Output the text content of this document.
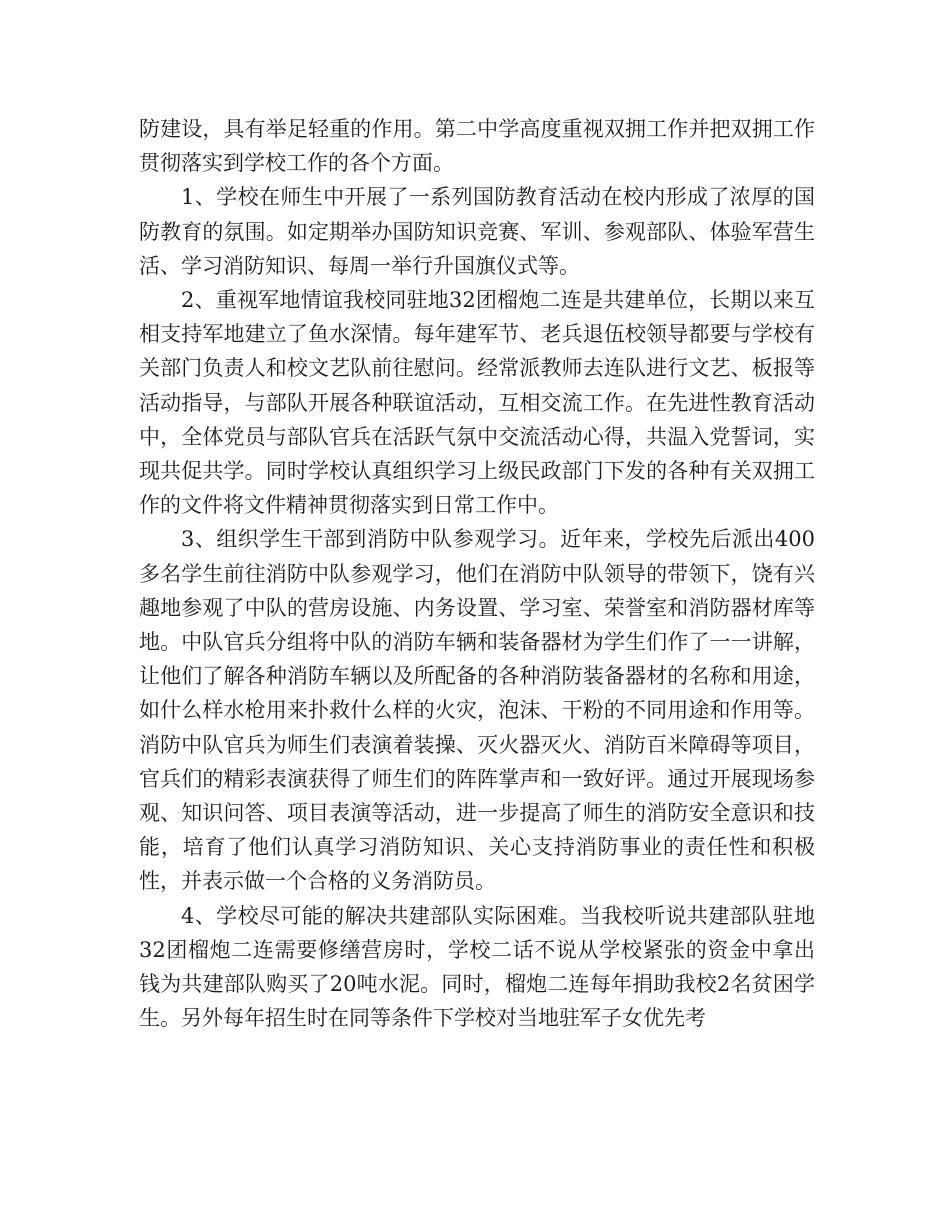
防建设，具有举足轻重的作用。第二中学高度重视双拥工作并把双拥工作贯彻落实到学校工作的各个方面。

1、学校在师生中开展了一系列国防教育活动在校内形成了浓厚的国防教育的氛围。如定期举办国防知识竞赛、军训、参观部队、体验军营生活、学习消防知识、每周一举行升国旗仪式等。

2、重视军地情谊我校同驻地32团榴炮二连是共建单位，长期以来互相支持军地建立了鱼水深情。每年建军节、老兵退伍校领导都要与学校有关部门负责人和校文艺队前往慰问。经常派教师去连队进行文艺、板报等活动指导，与部队开展各种联谊活动，互相交流工作。在先进性教育活动中，全体党员与部队官兵在活跃气氛中交流活动心得，共温入党誓词，实现共促共学。同时学校认真组织学习上级民政部门下发的各种有关双拥工作的文件将文件精神贯彻落实到日常工作中。

3、组织学生干部到消防中队参观学习。近年来，学校先后派出400多名学生前往消防中队参观学习，他们在消防中队领导的带领下，饶有兴趣地参观了中队的营房设施、内务设置、学习室、荣誉室和消防器材库等地。中队官兵分组将中队的消防车辆和装备器材为学生们作了一一讲解，让他们了解各种消防车辆以及所配备的各种消防装备器材的名称和用途，如什么样水枪用来扑救什么样的火灾，泡沫、干粉的不同用途和作用等。消防中队官兵为师生们表演着装操、灭火器灭火、消防百米障碍等项目，官兵们的精彩表演获得了师生们的阵阵掌声和一致好评。通过开展现场参观、知识问答、项目表演等活动，进一步提高了师生的消防安全意识和技能，培育了他们认真学习消防知识、关心支持消防事业的责任性和积极性，并表示做一个合格的义务消防员。

4、学校尽可能的解决共建部队实际困难。当我校听说共建部队驻地32团榴炮二连需要修缮营房时，学校二话不说从学校紧张的资金中拿出钱为共建部队购买了20吨水泥。同时，榴炮二连每年捐助我校2名贫困学生。另外每年招生时在同等条件下学校对当地驻军子女优先考
